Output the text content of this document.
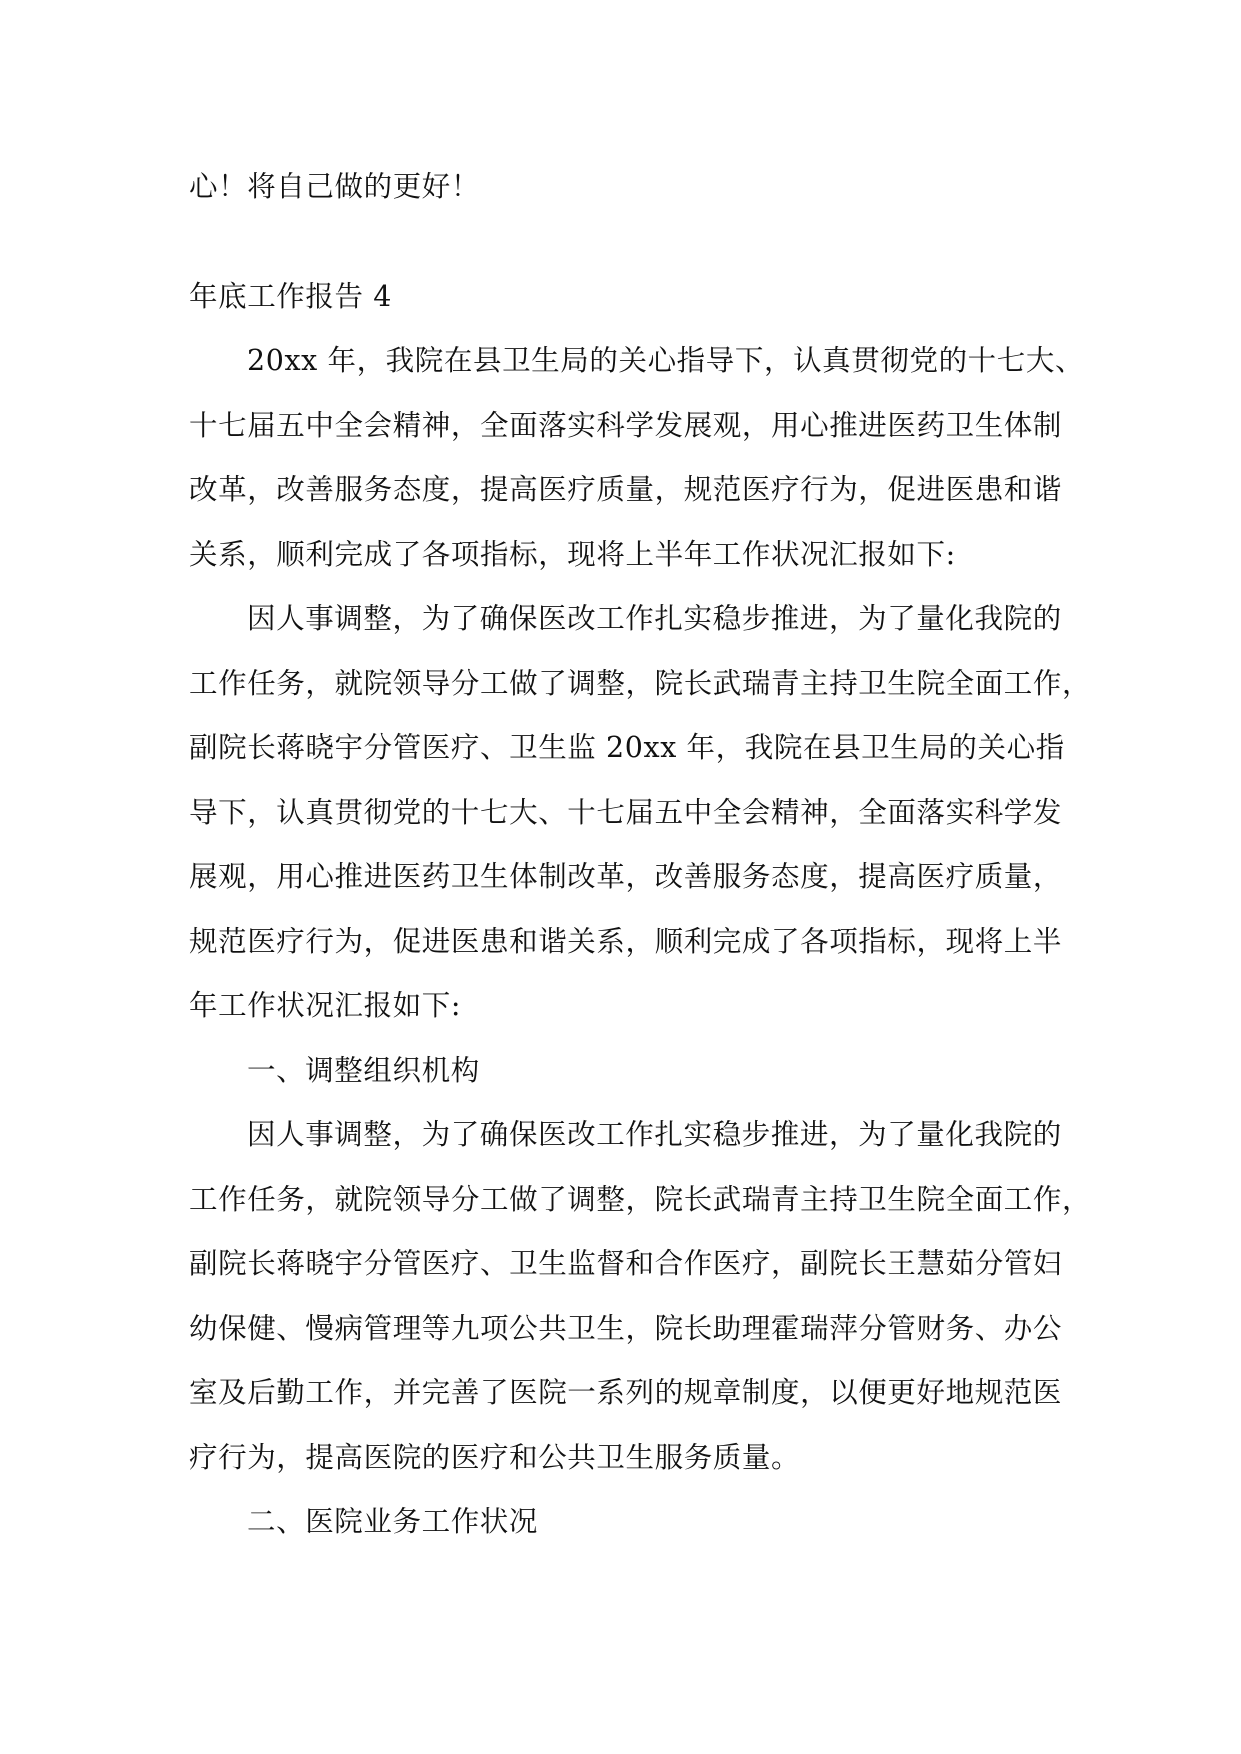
心！将自己做的更好！
年底工作报告 4
20xx 年，我院在县卫生局的关心指导下，认真贯彻党的十七大、
十七届五中全会精神，全面落实科学发展观，用心推进医药卫生体制
改革，改善服务态度，提高医疗质量，规范医疗行为，促进医患和谐
关系，顺利完成了各项指标，现将上半年工作状况汇报如下:
因人事调整，为了确保医改工作扎实稳步推进，为了量化我院的
工作任务，就院领导分工做了调整，院长武瑞青主持卫生院全面工作，
副院长蒋晓宇分管医疗、卫生监 20xx 年，我院在县卫生局的关心指
导下，认真贯彻党的十七大、十七届五中全会精神，全面落实科学发
展观，用心推进医药卫生体制改革，改善服务态度，提高医疗质量，
规范医疗行为，促进医患和谐关系，顺利完成了各项指标，现将上半
年工作状况汇报如下:
一、调整组织机构
因人事调整，为了确保医改工作扎实稳步推进，为了量化我院的
工作任务，就院领导分工做了调整，院长武瑞青主持卫生院全面工作，
副院长蒋晓宇分管医疗、卫生监督和合作医疗，副院长王慧茹分管妇
幼保健、慢病管理等九项公共卫生，院长助理霍瑞萍分管财务、办公
室及后勤工作，并完善了医院一系列的规章制度，以便更好地规范医
疗行为，提高医院的医疗和公共卫生服务质量。
二、医院业务工作状况
